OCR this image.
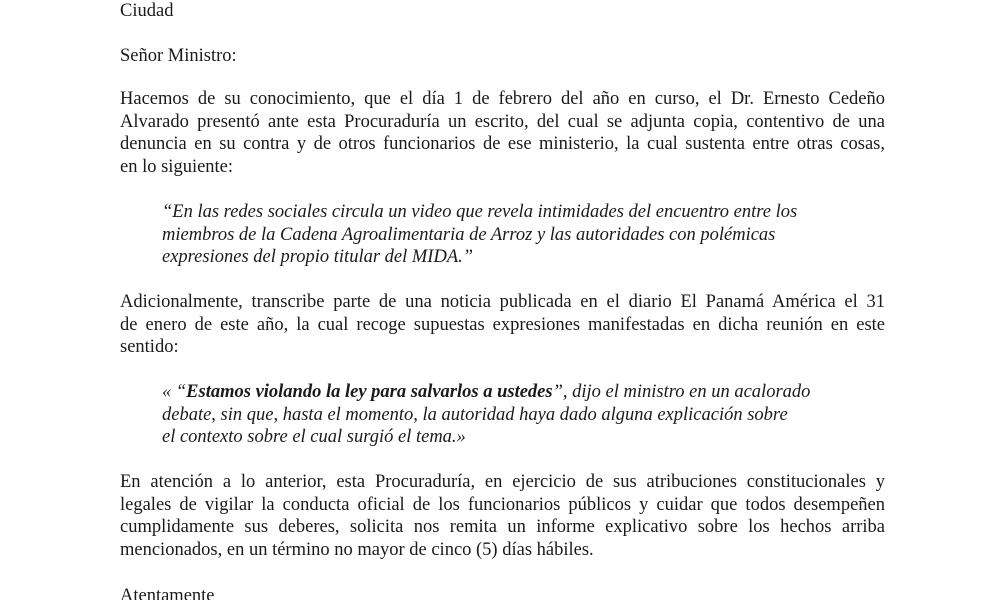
Ciudad

Señor Ministro:

Hacemos de su conocimiento, que el día 1 de febrero del año en curso, el Dr. Ernesto Cedeño
Alvarado presentó ante esta Procuraduría un escrito, del cual se adjunta copia, contentivo de una
denuncia en su contra y de otros funcionarios de ese ministerio, la cual sustenta entre otras cosas,
en lo siguiente:
“En las redes sociales circula un video que revela intimidades del encuentro entre los
miembros de la Cadena Agroalimentaria de Arroz y las autoridades con polémicas
expresiones del propio titular del MIDA.”
Adicionalmente, transcribe parte de una noticia publicada en el diario El Panamá América el 31
de enero de este año, la cual recoge supuestas expresiones manifestadas en dicha reunión en este
sentido:
« “Estamos violando la ley para salvarlos a ustedes”, dijo el ministro en un acalorado
debate, sin que, hasta el momento, la autoridad haya dado alguna explicación sobre
el contexto sobre el cual surgió el tema.»
En atención a lo anterior, esta Procuraduría, en ejercicio de sus atribuciones constitucionales y
legales de vigilar la conducta oficial de los funcionarios públicos y cuidar que todos desempeñen
cumplidamente sus deberes, solicita nos remita un informe explicativo sobre los hechos arriba
mencionados, en un término no mayor de cinco (5) días hábiles.

Atentamente
